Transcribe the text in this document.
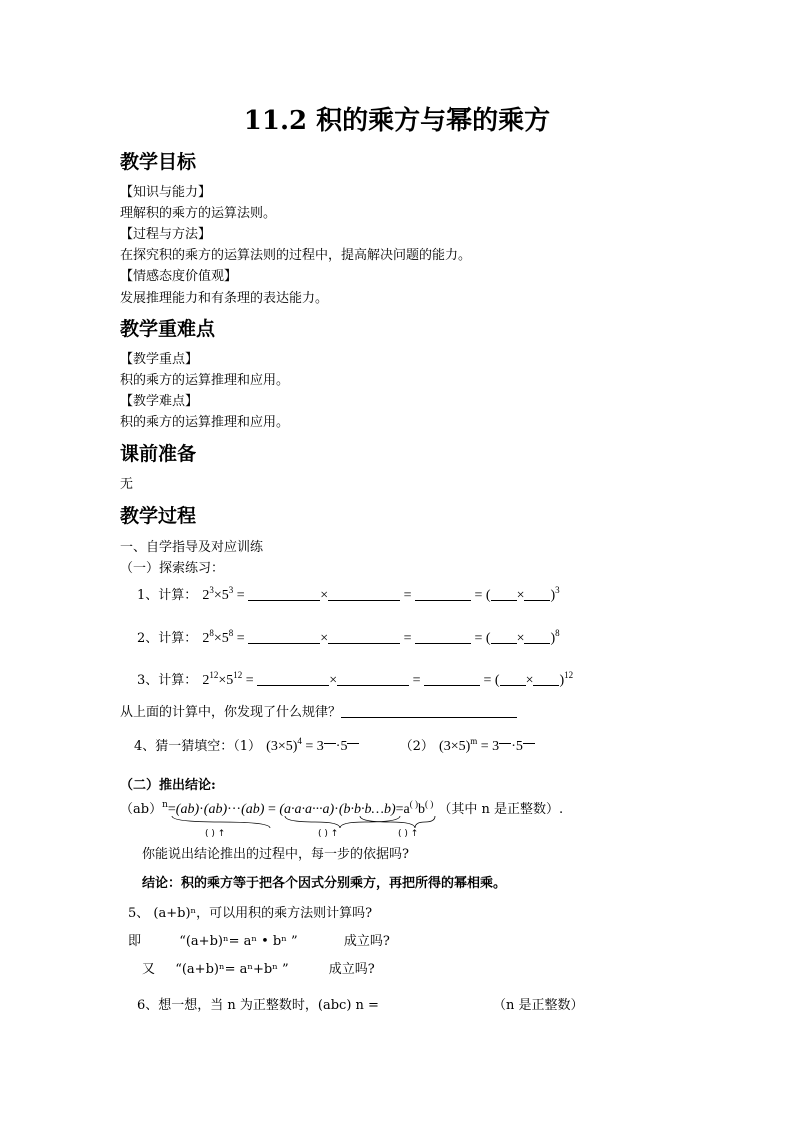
11.2 积的乘方与幂的乘方
教学目标
【知识与能力】
理解积的乘方的运算法则。
【过程与方法】
在探究积的乘方的运算法则的过程中，提高解决问题的能力。
【情感态度价值观】
发展推理能力和有条理的表达能力。
教学重难点
【教学重点】
积的乘方的运算推理和应用。
【教学难点】
积的乘方的运算推理和应用。
课前准备
无
教学过程
一、自学指导及对应训练
（一）探索练习：
1、计算： $2^3\times 5^3$ =	×	=	= ( × )$^3$
2、计算： $2^8\times 5^8$ =	×	=	= ( × )$^8$
3、计算： $2^{12}\times 5^{12}$ =	×	=	= ( × )$^{12}$
从上面的计算中，你发现了什么规律？
4、猜一猜填空：（1） $(3\times 5)^4 = 3 \cdot 5$	（2） $(3\times 5)^m = 3 \cdot 5$
（二）推出结论:
（ab）$^n$=(ab)·(ab)···(ab) = (a·a·a···a)·(b·b·b…b)=a( )b( ) （其中 n 是正整数）.
( ) ↑	( ) ↑	( ) ↑
你能说出结论推出的过程中，每一步的依据吗?
结论：积的乘方等于把各个因式分别乘方，再把所得的幂相乘。
5、 (a+b)ⁿ，可以用积的乘方法则计算吗?
即	“(a+b)ⁿ= aⁿ • bⁿ ”	成立吗?
又 “(a+b)ⁿ= aⁿ+bⁿ ”	成立吗?
6、想一想，当 n 为正整数时，(abc) n =	（n 是正整数）
